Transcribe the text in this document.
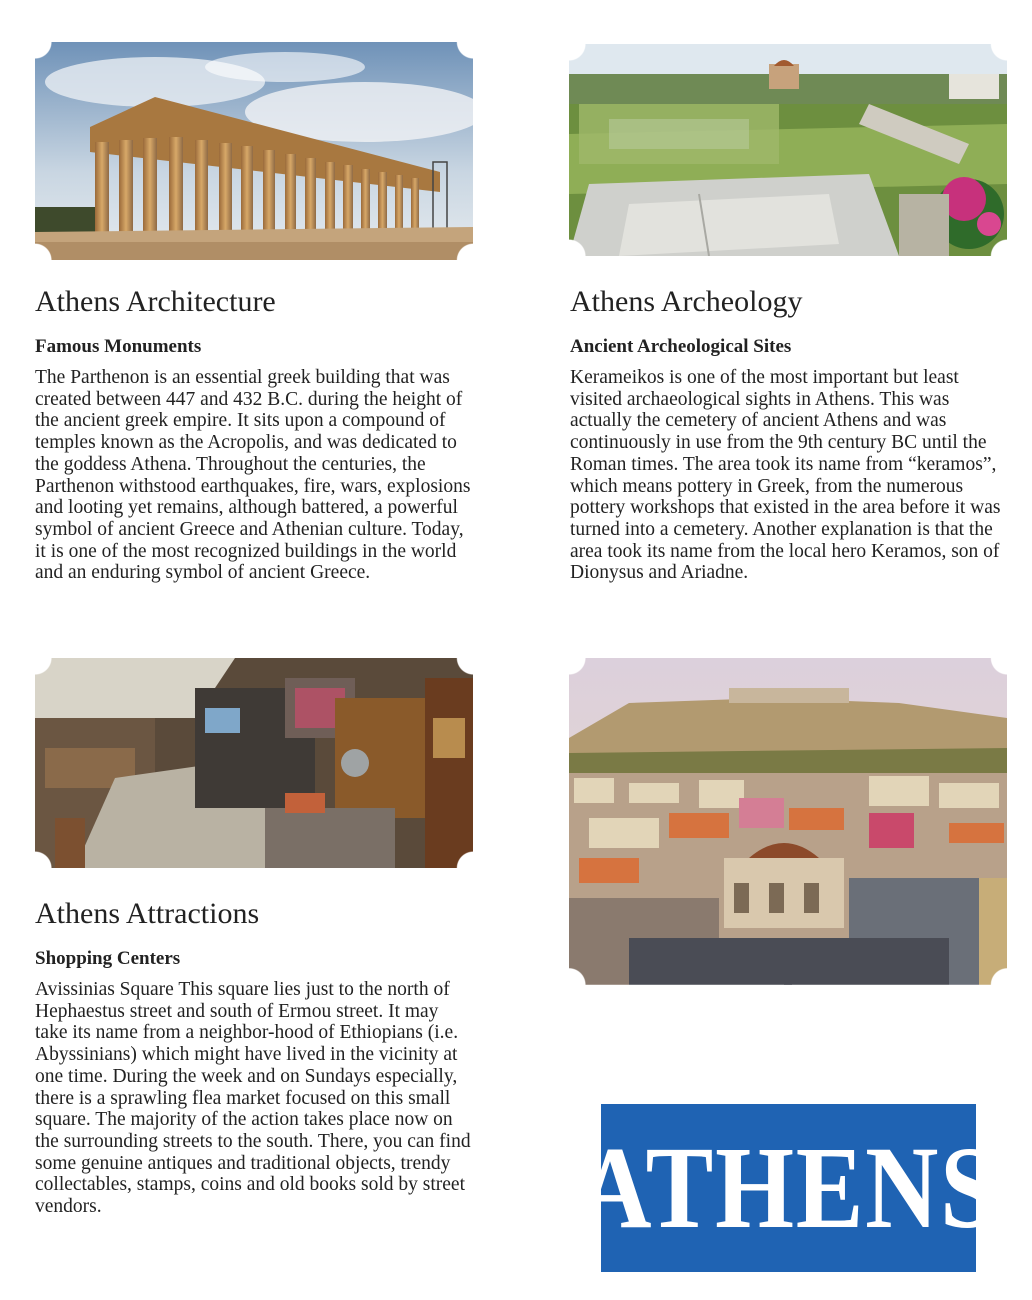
Athens Architecture
Famous Monuments

The Parthenon is an essential greek building that was created between 447 and 432 B.C. during the height of the ancient greek empire. It sits upon a compound of temples known as the Acropolis, and was dedicated to the goddess Athena. Throughout the centuries, the Parthenon withstood earthquakes, fire, wars, explosions and looting yet remains, although battered, a powerful symbol of ancient Greece and Athenian culture. Today, it is one of the most recognized buildings in the world and an enduring symbol of ancient Greece.

Athens Archeology
Ancient Archeological Sites

Kerameikos is one of the most important but least visited archaeological sights in Athens. This was actually the cemetery of ancient Athens and was continuously in use from the 9th century BC until the Roman times. The area took its name from “keramos”, which means pottery in Greek, from the numerous pottery workshops that existed in the area before it was turned into a cemetery. Another explanation is that the area took its name from the local hero Keramos, son of Dionysus and Ariadne.

Athens Attractions
Shopping Centers

Avissinias Square This square lies just to the north of Hephaestus street and south of Ermou street. It may take its name from a neighbor-hood of Ethiopians (i.e. Abyssinians) which might have lived in the vicinity at one time. During the week and on Sundays especially, there is a sprawling flea market focused on this small square. The majority of the action takes place now on the surrounding streets to the south. There, you can find some genuine antiques and traditional objects, trendy collectables, stamps, coins and old books sold by street vendors.	ATHENS
